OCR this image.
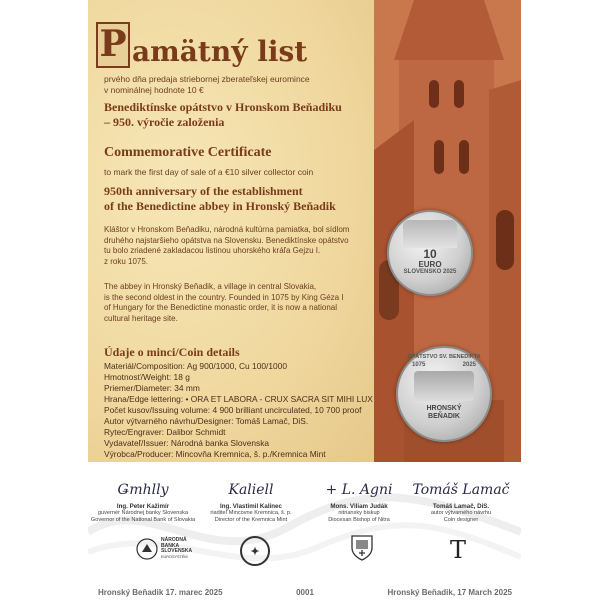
P amätný list
prvého dňa predaja striebornej zberateľskej euromince
v nominálnej hodnote 10 €
Benediktínske opátstvo v Hronskom Beňadiku
– 950. výročie založenia
Commemorative Certificate
to mark the first day of sale of a €10 silver collector coin
950th anniversary of the establishment
of the Benedictine abbey in Hronský Beňadik
Kláštor v Hronskom Beňadiku, národná kultúrna pamiatka, bol sídlom
druhého najstaršieho opátstva na Slovensku. Benediktínske opátstvo
tu bolo zriadené zakladacou listinou uhorského kráľa Gejzu I.
z roku 1075.
The abbey in Hronský Beňadik, a village in central Slovakia,
is the second oldest in the country. Founded in 1075 by King Géza I
of Hungary for the Benedictine monastic order, it is now a national
cultural heritage site.
Údaje o minci/Coin details
Materiál/Composition: Ag 900/1000, Cu 100/1000
Hmotnosť/Weight: 18 g
Priemer/Diameter: 34 mm
Hrana/Edge lettering: • ORA ET LABORA - CRUX SACRA SIT MIHI LUX
Počet kusov/Issuing volume: 4 900 brilliant uncirculated, 10 700 proof
Autor výtvarného návrhu/Designer: Tomáš Lamač, DiS.
Rytec/Engraver: Dalibor Schmidt
Vydavateľ/Issuer: Národná banka Slovenska
Výrobca/Producer: Mincovňa Kremnica, š. p./Kremnica Mint
10
EURO
SLOVENSKO 2025
OPÁTSTVO SV. BENEDIKTA
1075	2025
HRONSKÝ
BEŇADIK
Ǥmhlly
Ing. Peter Kažimír
guvernér Národnej banky Slovenska
Governor of the National Bank of Slovakia
Kaliell
Ing. Vlastimil Kalinec
riaditeľ Mincovne Kremnica, š. p.
Director of the Kremnica Mint
+ L. Agni
Mons. Viliam Judák
nitriansky biskup
Diocesan Bishop of Nitra
Tomáš Lamač
Tomáš Lamač, DiS.
autor výtvarného návrhu
Coin designer
NÁRODNÁ
BANKA
SLOVENSKA
EUROSYSTÉM	✦	T
Hronský Beňadik 17. marec 2025	0001	Hronský Beňadik, 17 March 2025
